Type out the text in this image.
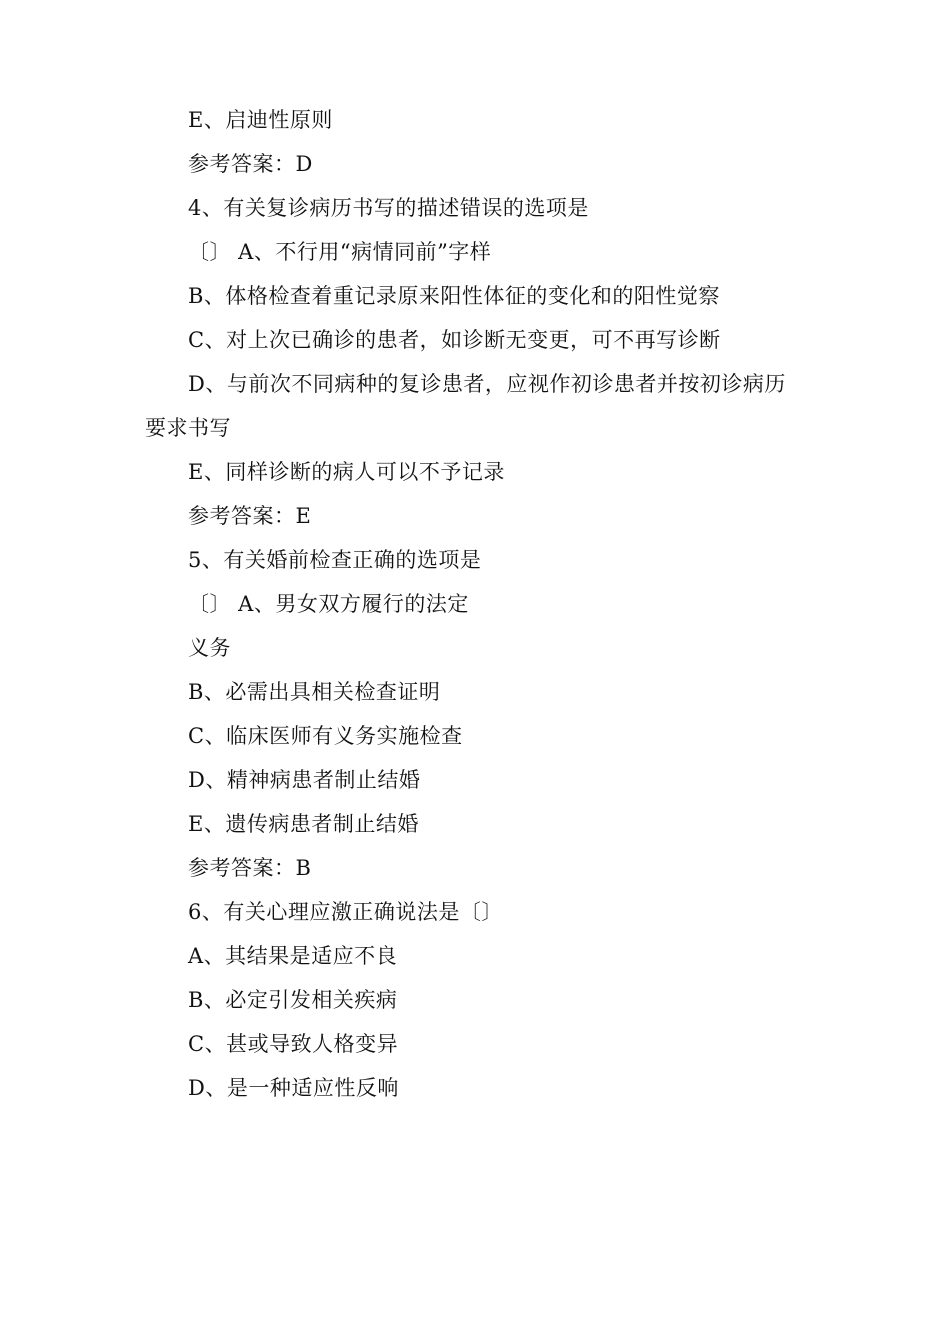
E、启迪性原则
参考答案：D
4、有关复诊病历书写的描述错误的选项是
〔〕 A、不行用“病情同前”字样
B、体格检查着重记录原来阳性体征的变化和的阳性觉察
C、对上次已确诊的患者，如诊断无变更，可不再写诊断
D、与前次不同病种的复诊患者，应视作初诊患者并按初诊病历
要求书写
E、同样诊断的病人可以不予记录
参考答案：E
5、有关婚前检查正确的选项是
〔〕 A、男女双方履行的法定
义务
B、必需出具相关检查证明
C、临床医师有义务实施检查
D、精神病患者制止结婚
E、遗传病患者制止结婚
参考答案：B
6、有关心理应激正确说法是〔〕
A、其结果是适应不良
B、必定引发相关疾病
C、甚或导致人格变异
D、是一种适应性反响
